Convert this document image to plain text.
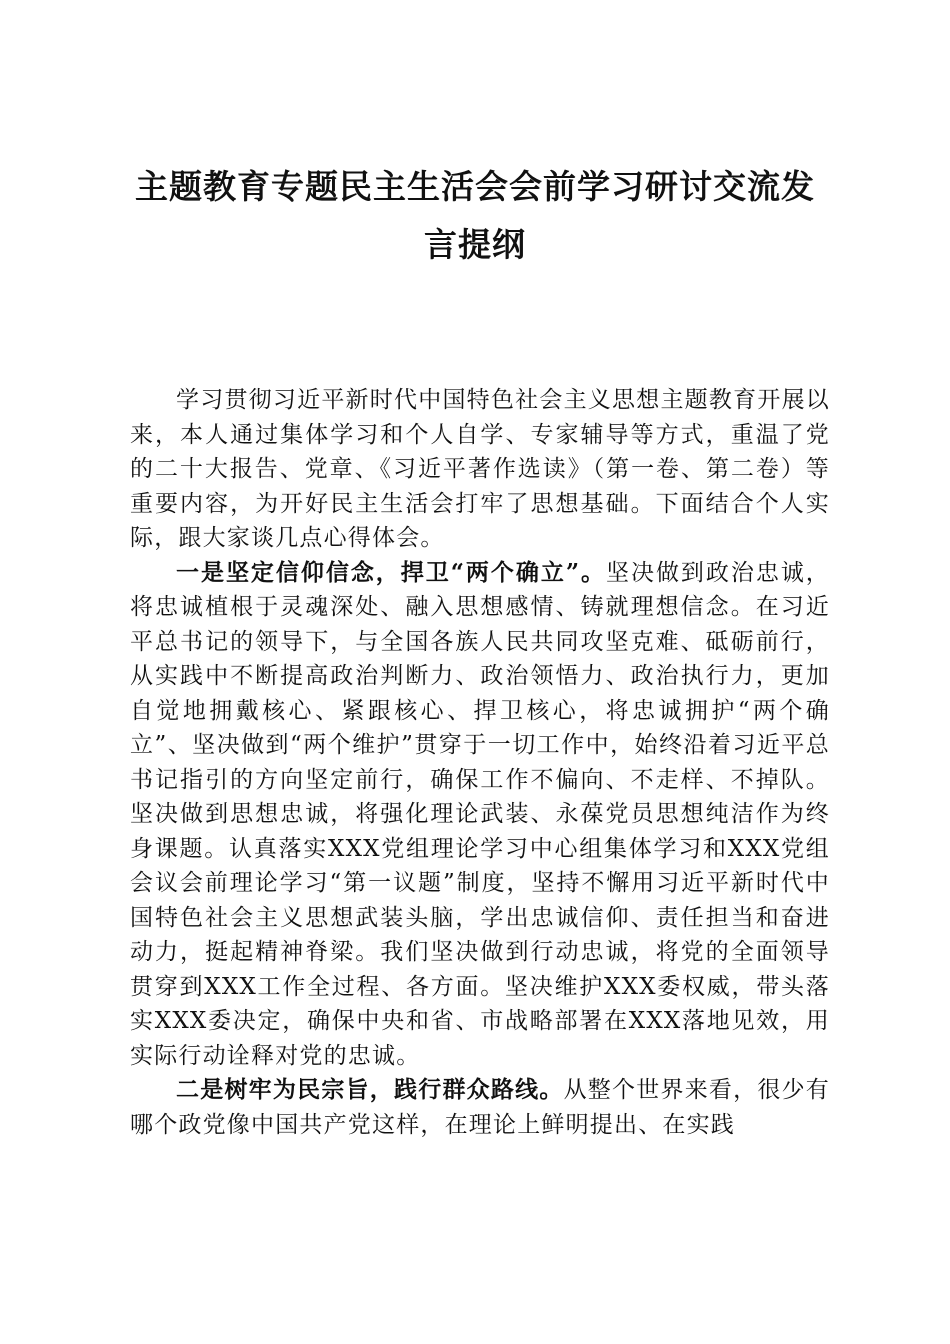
主题教育专题民主生活会会前学习研讨交流发言提纲

学习贯彻习近平新时代中国特色社会主义思想主题教育开展以来，本人通过集体学习和个人自学、专家辅导等方式，重温了党的二十大报告、党章、《习近平著作选读》（第一卷、第二卷）等重要内容，为开好民主生活会打牢了思想基础。下面结合个人实际，跟大家谈几点心得体会。

一是坚定信仰信念，捍卫“两个确立”。坚决做到政治忠诚，将忠诚植根于灵魂深处、融入思想感情、铸就理想信念。在习近平总书记的领导下，与全国各族人民共同攻坚克难、砥砺前行，从实践中不断提高政治判断力、政治领悟力、政治执行力，更加自觉地拥戴核心、紧跟核心、捍卫核心，将忠诚拥护“两个确立”、坚决做到“两个维护”贯穿于一切工作中，始终沿着习近平总书记指引的方向坚定前行，确保工作不偏向、不走样、不掉队。坚决做到思想忠诚，将强化理论武装、永葆党员思想纯洁作为终身课题。认真落实XXX党组理论学习中心组集体学习和XXX党组会议会前理论学习“第一议题”制度，坚持不懈用习近平新时代中国特色社会主义思想武装头脑，学出忠诚信仰、责任担当和奋进动力，挺起精神脊梁。我们坚决做到行动忠诚，将党的全面领导贯穿到XXX工作全过程、各方面。坚决维护XXX委权威，带头落实XXX委决定，确保中央和省、市战略部署在XXX落地见效，用实际行动诠释对党的忠诚。

二是树牢为民宗旨，践行群众路线。从整个世界来看，很少有哪个政党像中国共产党这样，在理论上鲜明提出、在实践
